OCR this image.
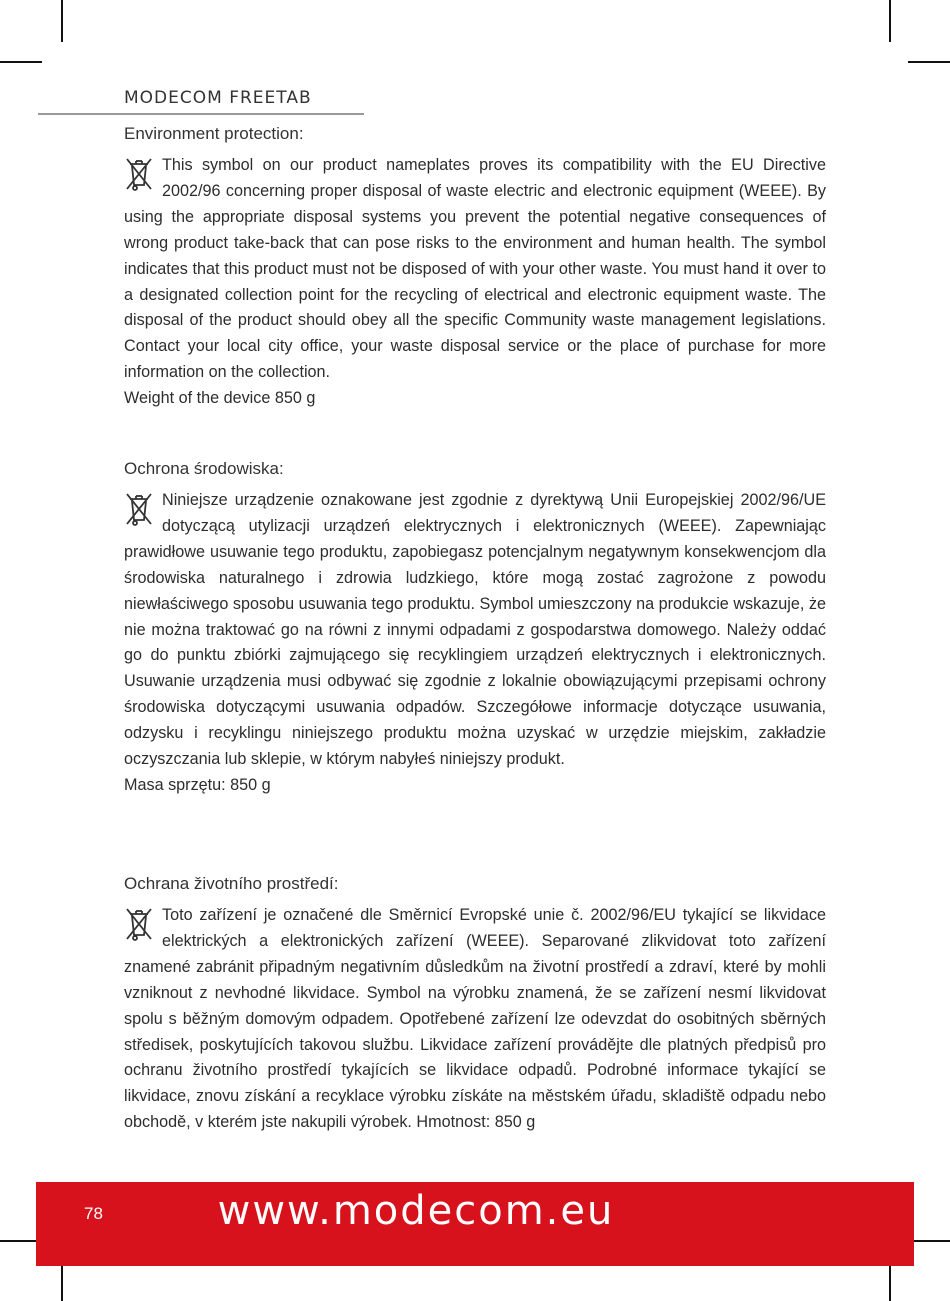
MODECOM FREETAB
Environment protection:

This symbol on our product nameplates proves its compatibility with the EU Directive 2002/96 concerning proper disposal of waste electric and electronic equipment (WEEE). By using the appropriate disposal systems you prevent the potential negative consequences of wrong product take-back that can pose risks to the environment and human health. The symbol indicates that this product must not be disposed of with your other waste. You must hand it over to a designated collection point for the recycling of electrical and electronic equipment waste. The disposal of the product should obey all the specific Community waste management legislations. Contact your local city office, your waste disposal service or the place of purchase for more information on the collection.

Weight of the device 850 g

Ochrona środowiska:

Niniejsze urządzenie oznakowane jest zgodnie z dyrektywą Unii Europejskiej 2002/96/UE dotyczącą utylizacji urządzeń elektrycznych i elektronicznych (WEEE). Zapewniając prawidłowe usuwanie tego produktu, zapobiegasz potencjalnym negatywnym konsekwencjom dla środowiska naturalnego i zdrowia ludzkiego, które mogą zostać zagrożone z powodu niewłaściwego sposobu usuwania tego produktu. Symbol umieszczony na produkcie wskazuje, że nie można traktować go na równi z innymi odpadami z gospodarstwa domowego. Należy oddać go do punktu zbiórki zajmującego się recyklingiem urządzeń elektrycznych i elektronicznych. Usuwanie urządzenia musi odbywać się zgodnie z lokalnie obowiązującymi przepisami ochrony środowiska dotyczącymi usuwania odpadów. Szczegółowe informacje dotyczące usuwania, odzysku i recyklingu niniejszego produktu można uzyskać w urzędzie miejskim, zakładzie oczyszczania lub sklepie, w którym nabyłeś niniejszy produkt.

Masa sprzętu: 850 g

Ochrana životního prostředí:

Toto zařízení je označené dle Směrnicí Evropské unie č. 2002/96/EU tykající se likvidace elektrických a elektronických zařízení (WEEE). Separované zlikvidovat toto zařízení znamené zabránit připadným negativním důsledkům na životní prostředí a zdraví, které by mohli vzniknout z nevhodné likvidace. Symbol na výrobku znamená, že se zařízení nesmí likvidovat spolu s běžným domovým odpadem. Opotřebené zařízení lze odevzdat do osobitných sběrných středisek, poskytujících takovou službu. Likvidace zařízení provádějte dle platných předpisů pro ochranu životního prostředí tykajících se likvidace odpadů. Podrobné informace tykající se likvidace, znovu získání a recyklace výrobku získáte na městském úřadu, skladiště odpadu nebo obchodě, v kterém jste nakupili výrobek. Hmotnost: 850 g

78	www.modecom.eu
